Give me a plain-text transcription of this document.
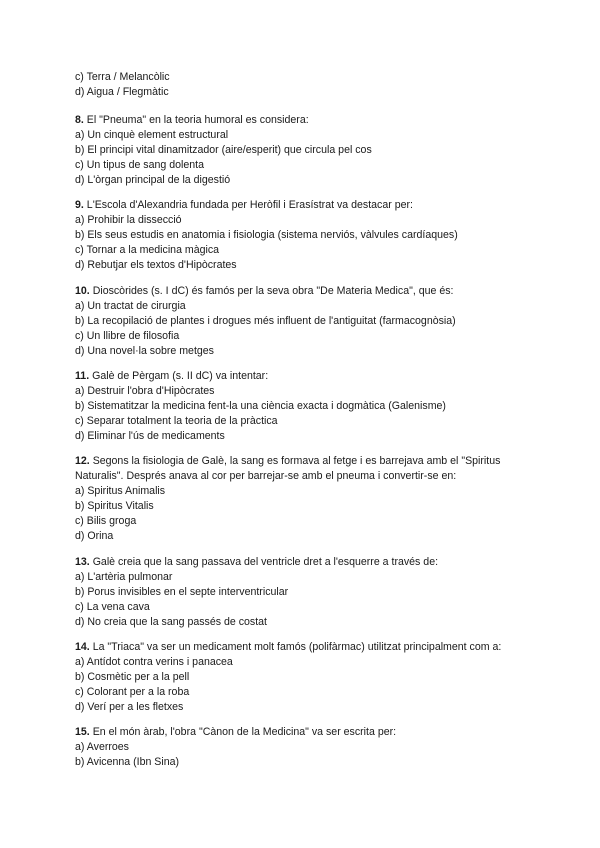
c) Terra / Melancòlic
d) Aigua / Flegmàtic
8. El "Pneuma" en la teoria humoral es considera:
a) Un cinquè element estructural
b) El principi vital dinamitzador (aire/esperit) que circula pel cos
c) Un tipus de sang dolenta
d) L'òrgan principal de la digestió
9. L'Escola d'Alexandria fundada per Heròfil i Erasístrat va destacar per:
a) Prohibir la dissecció
b) Els seus estudis en anatomia i fisiologia (sistema nerviós, vàlvules cardíaques)
c) Tornar a la medicina màgica
d) Rebutjar els textos d'Hipòcrates
10. Dioscòrides (s. I dC) és famós per la seva obra "De Materia Medica", que és:
a) Un tractat de cirurgia
b) La recopilació de plantes i drogues més influent de l'antiguitat (farmacognòsia)
c) Un llibre de filosofia
d) Una novel·la sobre metges
11. Galè de Pèrgam (s. II dC) va intentar:
a) Destruir l'obra d'Hipòcrates
b) Sistematitzar la medicina fent-la una ciència exacta i dogmàtica (Galenisme)
c) Separar totalment la teoria de la pràctica
d) Eliminar l'ús de medicaments
12. Segons la fisiologia de Galè, la sang es formava al fetge i es barrejava amb el "Spiritus
Naturalis". Després anava al cor per barrejar-se amb el pneuma i convertir-se en:
a) Spiritus Animalis
b) Spiritus Vitalis
c) Bilis groga
d) Orina
13. Galè creia que la sang passava del ventricle dret a l'esquerre a través de:
a) L'artèria pulmonar
b) Porus invisibles en el septe interventricular
c) La vena cava
d) No creia que la sang passés de costat
14. La "Triaca" va ser un medicament molt famós (polifàrmac) utilitzat principalment com a:
a) Antídot contra verins i panacea
b) Cosmètic per a la pell
c) Colorant per a la roba
d) Verí per a les fletxes
15. En el món àrab, l'obra "Cànon de la Medicina" va ser escrita per:
a) Averroes
b) Avicenna (Ibn Sina)
